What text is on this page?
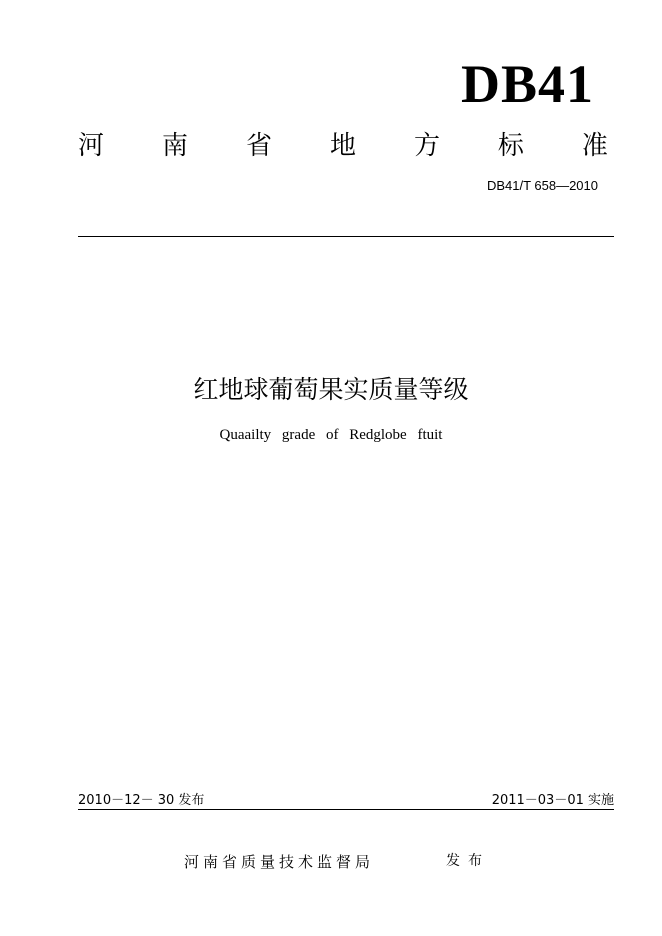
DB41
河 南 省 地 方 标 准
DB41/T 658—2010
红地球葡萄果实质量等级
Quaailty grade of Redglobe ftuit
2010－12－ 30 发布	2011－03－01 实施
河南省质量技术监督局	发布
